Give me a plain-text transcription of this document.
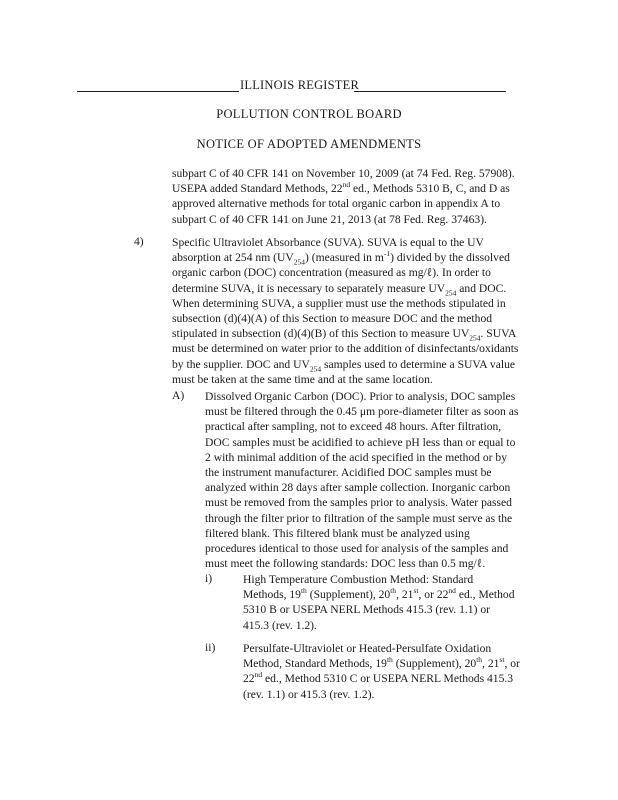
ILLINOIS REGISTER
POLLUTION CONTROL BOARD
NOTICE OF ADOPTED AMENDMENTS
subpart C of 40 CFR 141 on November 10, 2009 (at 74 Fed. Reg. 57908).
USEPA added Standard Methods, 22nd ed., Methods 5310 B, C, and D as
approved alternative methods for total organic carbon in appendix A to
subpart C of 40 CFR 141 on June 21, 2013 (at 78 Fed. Reg. 37463).
4) Specific Ultraviolet Absorbance (SUVA). SUVA is equal to the UV
absorption at 254 nm $(UV_{254})$ (measured in $m^{-1}$) divided by the dissolved
organic carbon (DOC) concentration (measured as mg/ℓ). In order to
determine SUVA, it is necessary to separately measure $UV_{254}$ and DOC.
When determining SUVA, a supplier must use the methods stipulated in
subsection (d)(4)(A) of this Section to measure DOC and the method
stipulated in subsection (d)(4)(B) of this Section to measure $UV_{254}$. SUVA
must be determined on water prior to the addition of disinfectants/oxidants
by the supplier. DOC and $UV_{254}$ samples used to determine a SUVA value
must be taken at the same time and at the same location.
A) Dissolved Organic Carbon (DOC). Prior to analysis, DOC samples
must be filtered through the 0.45 μm pore-diameter filter as soon as
practical after sampling, not to exceed 48 hours. After filtration,
DOC samples must be acidified to achieve pH less than or equal to
2 with minimal addition of the acid specified in the method or by
the instrument manufacturer. Acidified DOC samples must be
analyzed within 28 days after sample collection. Inorganic carbon
must be removed from the samples prior to analysis. Water passed
through the filter prior to filtration of the sample must serve as the
filtered blank. This filtered blank must be analyzed using
procedures identical to those used for analysis of the samples and
must meet the following standards: DOC less than 0.5 mg/ℓ.
i)	High Temperature Combustion Method: Standard
Methods, 19th (Supplement), 20th, 21st, or 22nd ed., Method
5310 B or USEPA NERL Methods 415.3 (rev. 1.1) or
415.3 (rev. 1.2).
ii) Persulfate-Ultraviolet or Heated-Persulfate Oxidation
Method, Standard Methods, 19th (Supplement), 20th, 21st, or
22nd ed., Method 5310 C or USEPA NERL Methods 415.3
(rev. 1.1) or 415.3 (rev. 1.2).
